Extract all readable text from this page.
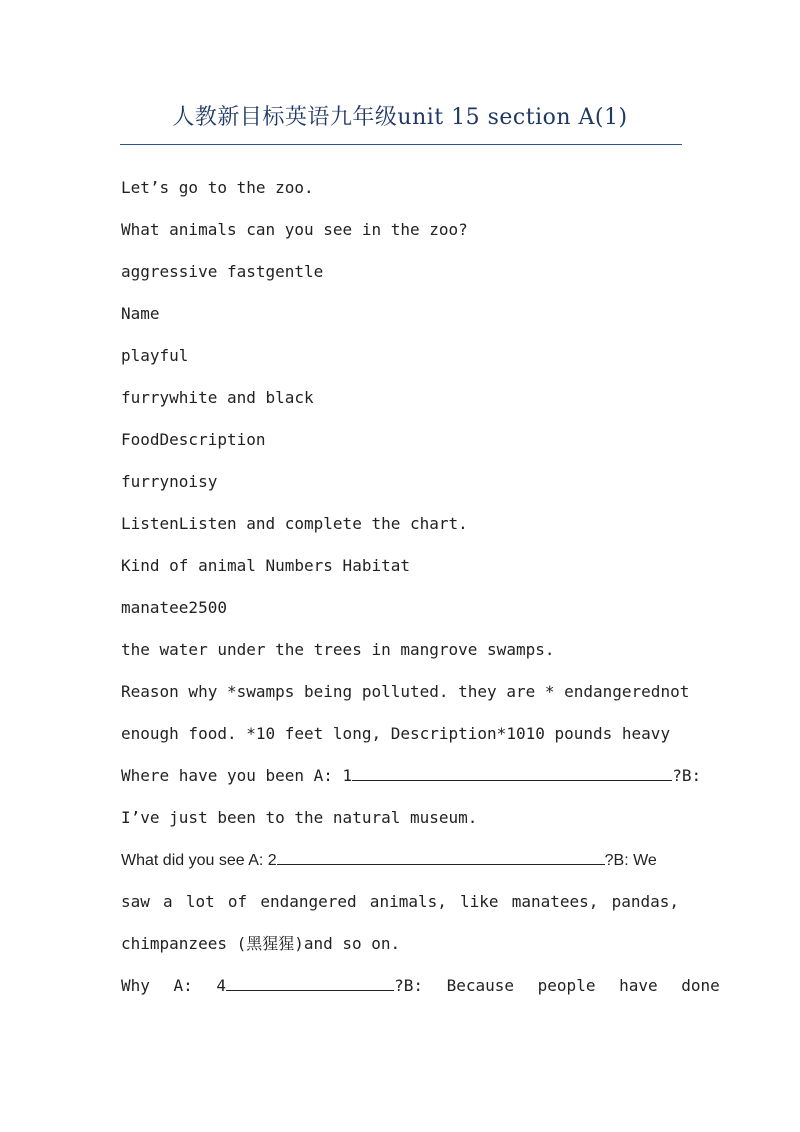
人教新目标英语九年级unit 15 section A(1)
Let’s go to the zoo.
What animals can you see in the zoo?
aggressive fastgentle
Name
playful
furrywhite and black
FoodDescription
furrynoisy
ListenListen and complete the chart.
Kind of animal Numbers Habitat
manatee2500
the water under the trees in mangrove swamps.
Reason why *swamps being polluted. they are * endangerednot
enough food. *10 feet long, Description*1010 pounds heavy
Where have you been A: 1	?B:
I’ve just been to the natural museum.
What did you see A: 2	?B: We
saw a lot of endangered animals, like manatees, pandas,
chimpanzees (黑猩猩)and so on.
Why A: 4	?B: Because people have done
